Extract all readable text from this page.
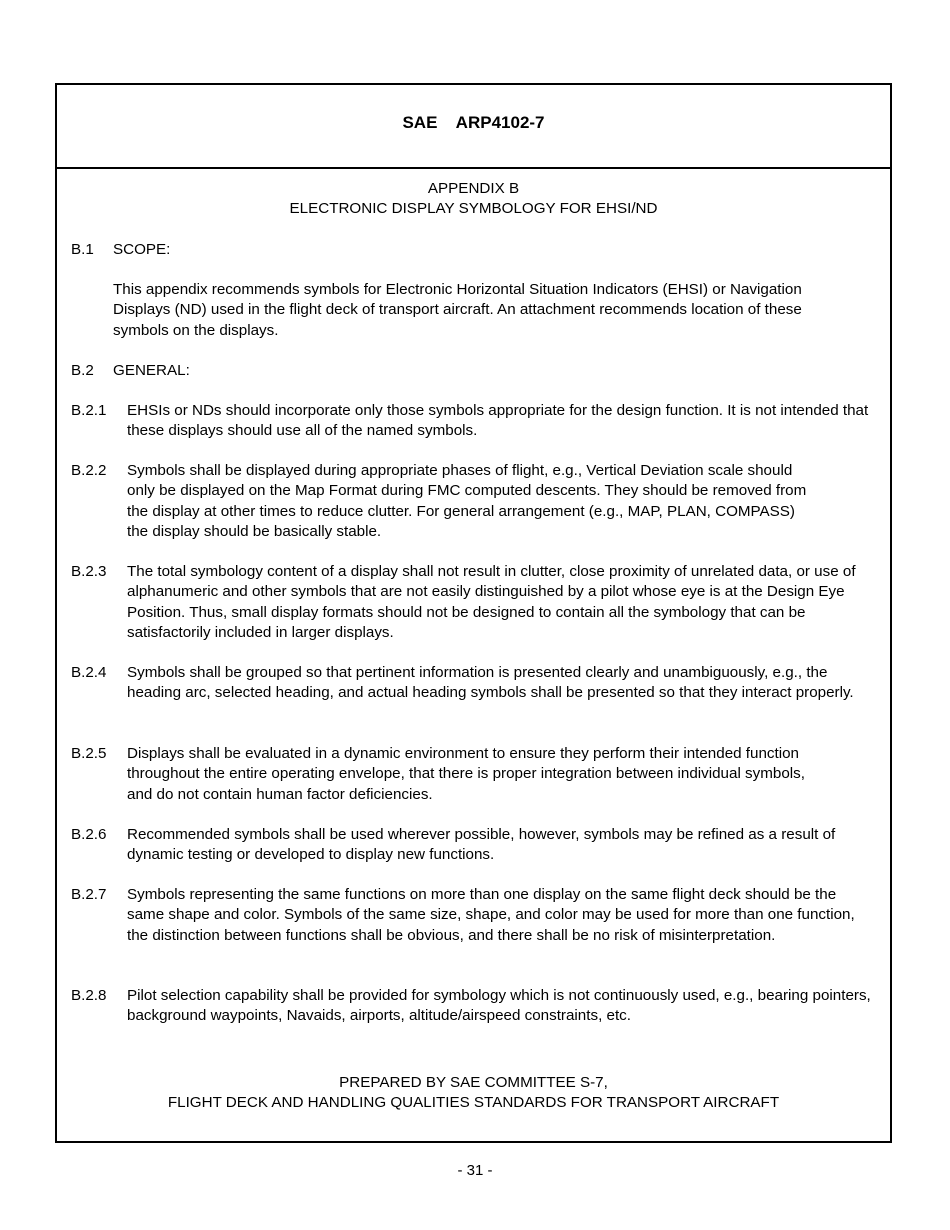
SAE    ARP4102-7
APPENDIX B
ELECTRONIC DISPLAY SYMBOLOGY FOR EHSI/ND
B.1 SCOPE:
This appendix recommends symbols for Electronic Horizontal Situation Indicators (EHSI) or Navigation Displays (ND) used in the flight deck of transport aircraft. An attachment recommends location of these symbols on the displays.
B.2 GENERAL:
B.2.1 EHSIs or NDs should incorporate only those symbols appropriate for the design function. It is not intended that these displays should use all of the named symbols.
B.2.2 Symbols shall be displayed during appropriate phases of flight, e.g., Vertical Deviation scale should only be displayed on the Map Format during FMC computed descents. They should be removed from the display at other times to reduce clutter. For general arrangement (e.g., MAP, PLAN, COMPASS) the display should be basically stable.
B.2.3 The total symbology content of a display shall not result in clutter, close proximity of unrelated data, or use of alphanumeric and other symbols that are not easily distinguished by a pilot whose eye is at the Design Eye Position. Thus, small display formats should not be designed to contain all the symbology that can be satisfactorily included in larger displays.
B.2.4 Symbols shall be grouped so that pertinent information is presented clearly and unambiguously, e.g., the heading arc, selected heading, and actual heading symbols shall be presented so that they interact properly.
B.2.5 Displays shall be evaluated in a dynamic environment to ensure they perform their intended function throughout the entire operating envelope, that there is proper integration between individual symbols, and do not contain human factor deficiencies.
B.2.6 Recommended symbols shall be used wherever possible, however, symbols may be refined as a result of dynamic testing or developed to display new functions.
B.2.7 Symbols representing the same functions on more than one display on the same flight deck should be the same shape and color. Symbols of the same size, shape, and color may be used for more than one function, the distinction between functions shall be obvious, and there shall be no risk of misinterpretation.
B.2.8 Pilot selection capability shall be provided for symbology which is not continuously used, e.g., bearing pointers, background waypoints, Navaids, airports, altitude/airspeed constraints, etc.
PREPARED BY SAE COMMITTEE S-7,
FLIGHT DECK AND HANDLING QUALITIES STANDARDS FOR TRANSPORT AIRCRAFT
- 31 -
